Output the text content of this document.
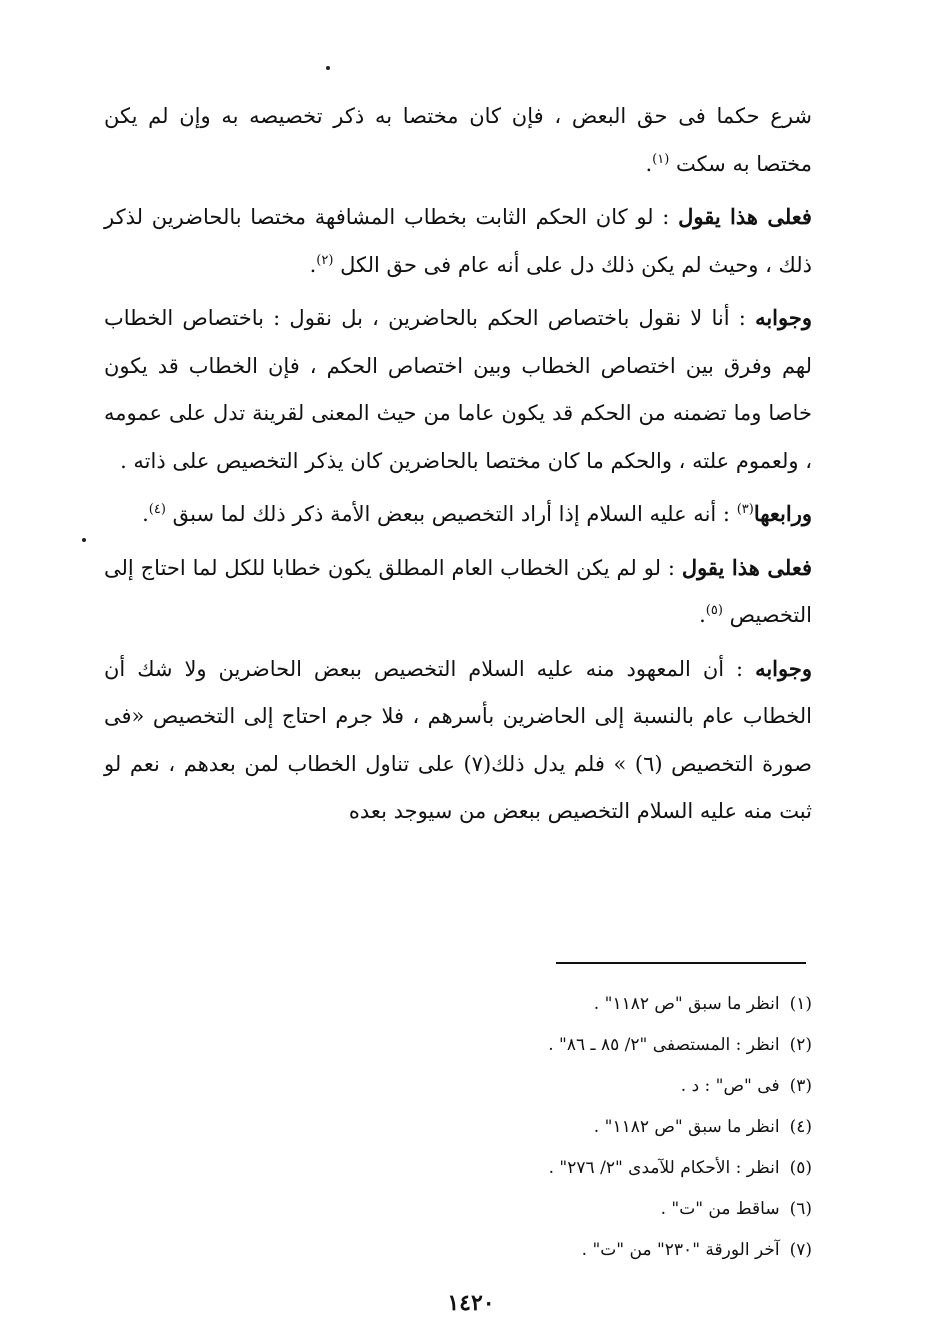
شرع حكما فى حق البعض ، فإن كان مختصا به ذكر تخصيصه به وإن لم يكن مختصا به سكت $^{(١)}$.

فعلى هذا يقول : لو كان الحكم الثابت بخطاب المشافهة مختصا بالحاضرين لذكر ذلك ، وحيث لم يكن ذلك دل على أنه عام فى حق الكل $^{(٢)}$.

وجوابه : أنا لا نقول باختصاص الحكم بالحاضرين ، بل نقول : باختصاص الخطاب لهم وفرق بين اختصاص الخطاب وبين اختصاص الحكم ، فإن الخطاب قد يكون خاصا وما تضمنه من الحكم قد يكون عاما من حيث المعنى لقرينة تدل على عمومه ، ولعموم علته ، والحكم ما كان مختصا بالحاضرين كان يذكر التخصيص على ذاته .

ورابعها$^{(٣)}$ : أنه عليه السلام إذا أراد التخصيص ببعض الأمة ذكر ذلك لما سبق $^{(٤)}$.

فعلى هذا يقول : لو لم يكن الخطاب العام المطلق يكون خطابا للكل لما احتاج إلى التخصيص $^{(٥)}$.

وجوابه : أن المعهود منه عليه السلام التخصيص ببعض الحاضرين ولا شك أن الخطاب عام بالنسبة إلى الحاضرين بأسرهم ، فلا جرم احتاج إلى التخصيص «فى صورة التخصيص (٦) » فلم يدل ذلك(٧) على تناول الخطاب لمن بعدهم ، نعم لو ثبت منه عليه السلام التخصيص ببعض من سيوجد بعده

(١)انظر ما سبق "ص ١١٨٢" .
(٢)انظر : المستصفى "٢/ ٨٥ ـ ٨٦" .
(٣)فى "ص" : د .
(٤)انظر ما سبق "ص ١١٨٢" .
(٥)انظر : الأحكام للآمدى "٢/ ٢٧٦" .
(٦)ساقط من "ت" .
(٧)آخر الورقة "٢٣٠" من "ت" .
١٤٢٠
